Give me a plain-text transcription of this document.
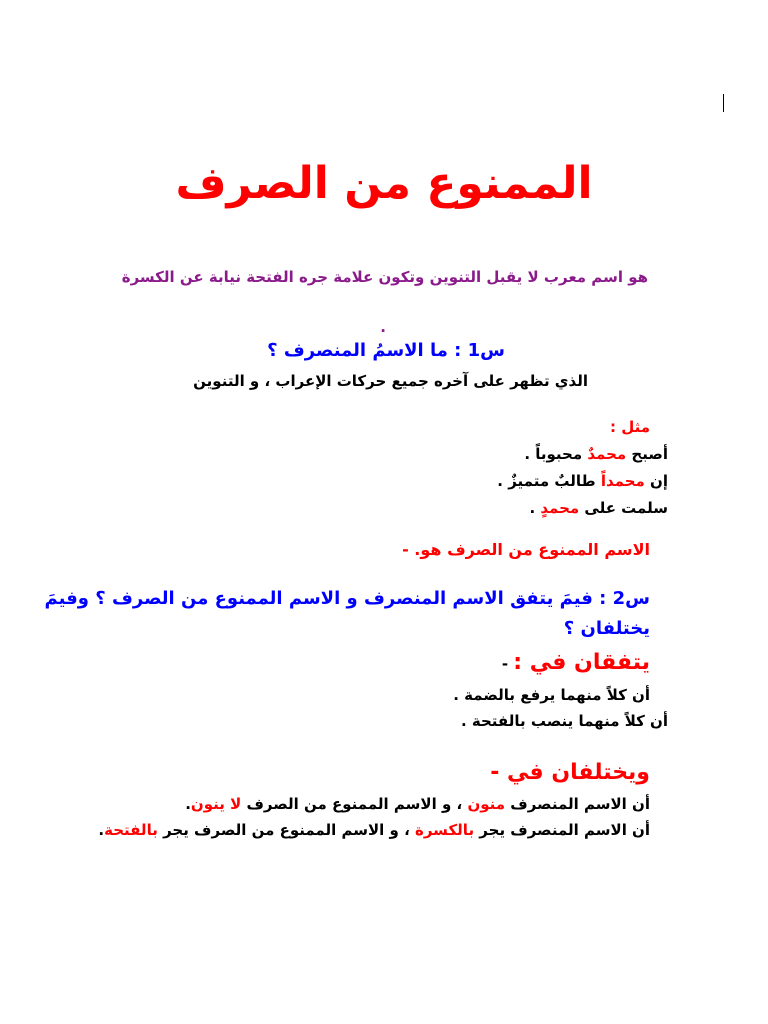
الممنوع من الصرف
هو اسم معرب لا يقبل التنوين وتكون علامة جره الفتحة نيابة عن الكسرة
.
س1 : ما الاسمُ المنصرف ؟
الذي تظهر على آخره جميع حركات الإعراب ، و التنوين
مثل :
أصبح محمدٌ محبوباً .
إن محمداً طالبٌ متميزٌ .
سلمت على محمدٍ .
الاسم الممنوع من الصرف هو. -
س2 : فيمَ يتفق الاسم المنصرف و الاسم الممنوع من الصرف ؟ وفيمَ
يختلفان ؟
يتفقان في : -
أن كلاً منهما يرفع بالضمة .
أن كلاً منهما ينصب بالفتحة .
ويختلفان في -
أن الاسم المنصرف منون ، و الاسم الممنوع من الصرف لا ينون.
أن الاسم المنصرف يجر بالكسرة ، و الاسم الممنوع من الصرف يجر بالفتحة.
